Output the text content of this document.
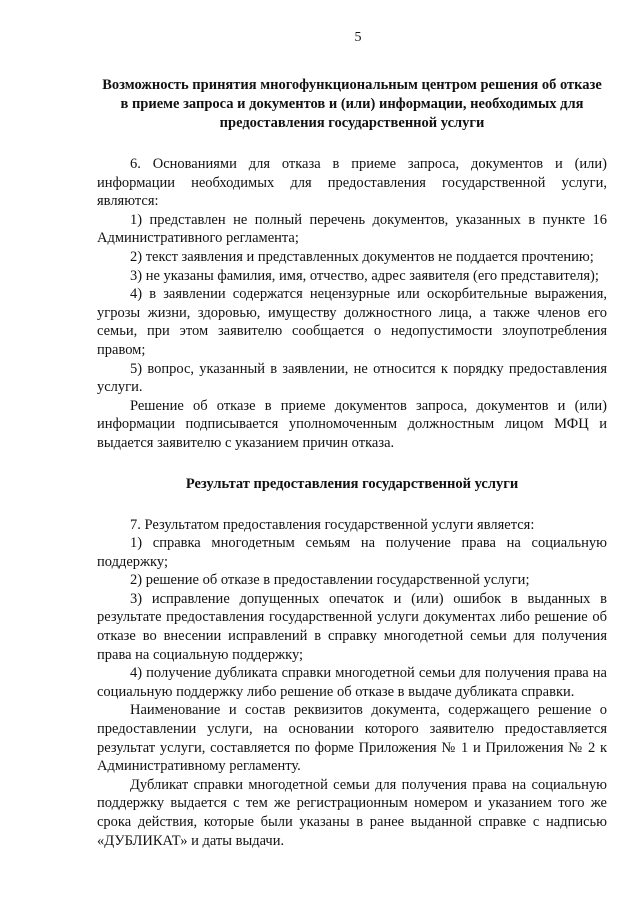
5
Возможность принятия многофункциональным центром решения об отказе в приеме запроса и документов и (или) информации, необходимых для предоставления государственной услуги

6. Основаниями для отказа в приеме запроса, документов и (или) информации необходимых для предоставления государственной услуги, являются:

1) представлен не полный перечень документов, указанных в пункте 16 Административного регламента;

2) текст заявления и представленных документов не поддается прочтению;

3) не указаны фамилия, имя, отчество, адрес заявителя (его представителя);

4) в заявлении содержатся нецензурные или оскорбительные выражения, угрозы жизни, здоровью, имуществу должностного лица, а также членов его семьи, при этом заявителю сообщается о недопустимости злоупотребления правом;

5) вопрос, указанный в заявлении, не относится к порядку предоставления услуги.

Решение об отказе в приеме документов запроса, документов и (или) информации подписывается уполномоченным должностным лицом МФЦ и выдается заявителю с указанием причин отказа.

Результат предоставления государственной услуги

7. Результатом предоставления государственной услуги является:

1) справка многодетным семьям на получение права на социальную поддержку;

2) решение об отказе в предоставлении государственной услуги;

3) исправление допущенных опечаток и (или) ошибок в выданных в результате предоставления государственной услуги документах либо решение об отказе во внесении исправлений в справку многодетной семьи для получения права на социальную поддержку;

4) получение дубликата справки многодетной семьи для получения права на социальную поддержку либо решение об отказе в выдаче дубликата справки.

Наименование и состав реквизитов документа, содержащего решение о предоставлении услуги, на основании которого заявителю предоставляется результат услуги, составляется по форме Приложения № 1 и Приложения № 2 к Административному регламенту.

Дубликат справки многодетной семьи для получения права на социальную поддержку выдается с тем же регистрационным номером и указанием того же срока действия, которые были указаны в ранее выданной справке с надписью «ДУБЛИКАТ» и даты выдачи.
